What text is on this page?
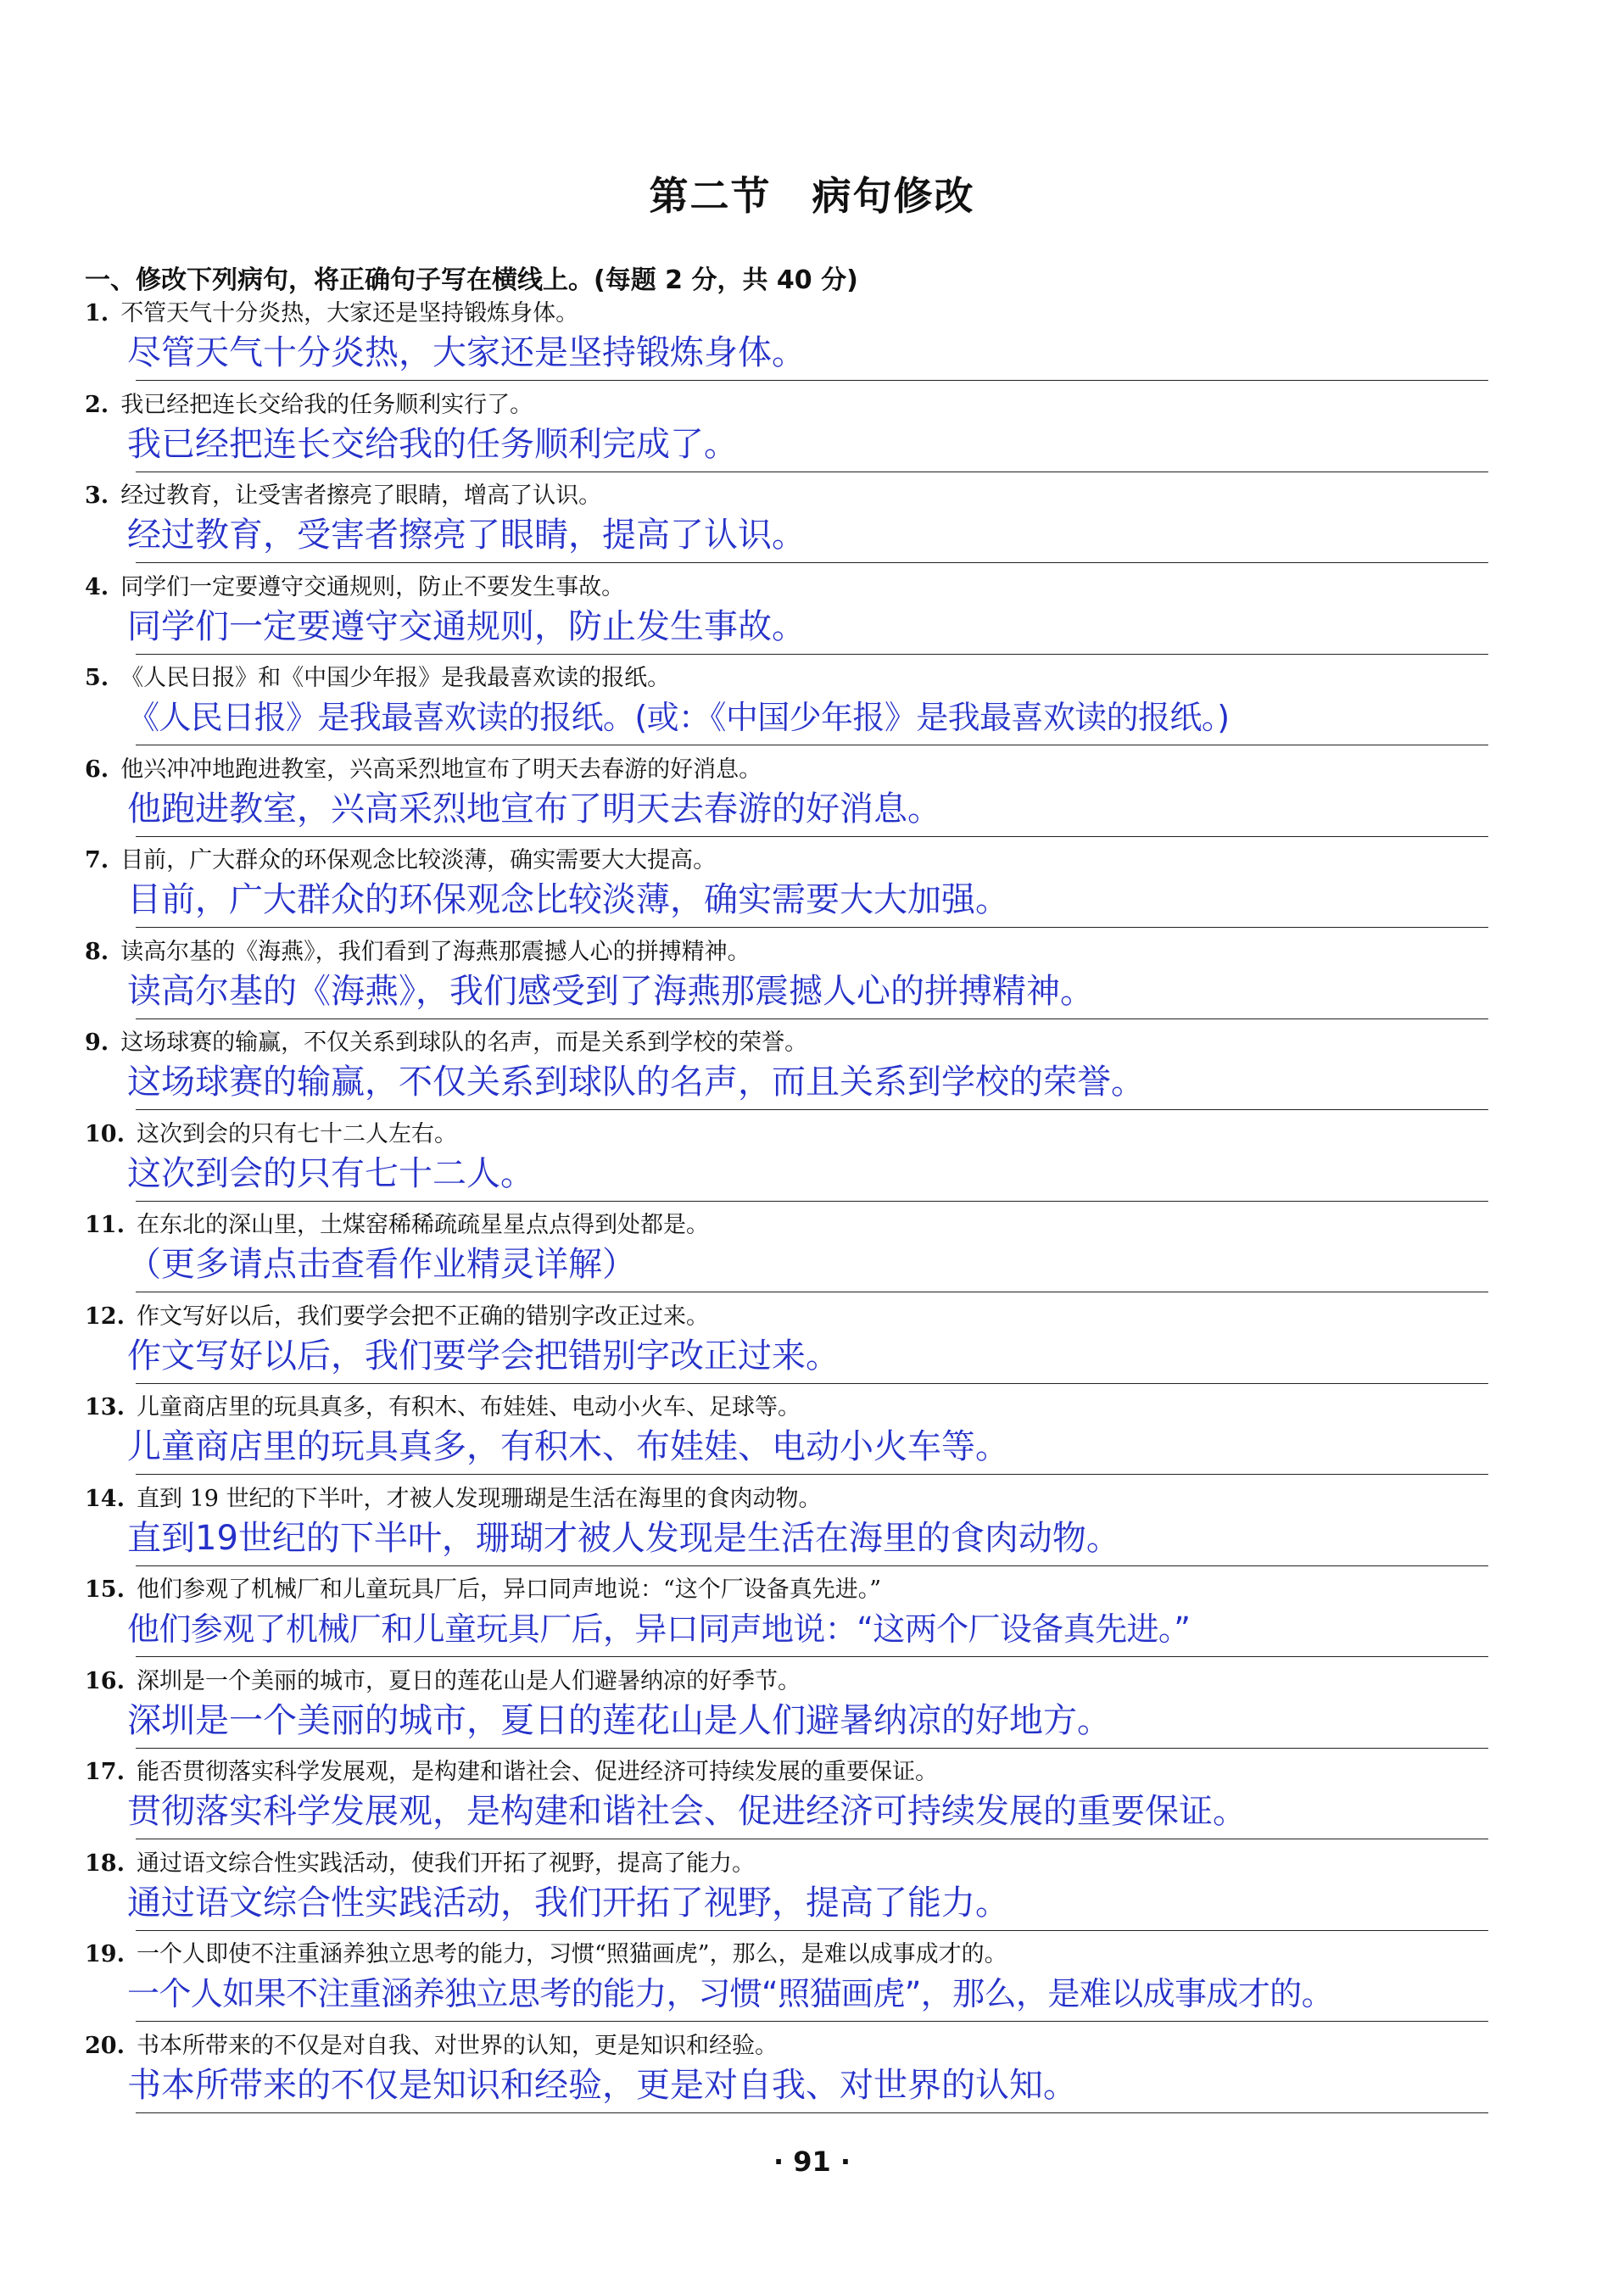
第二节　病句修改
一、修改下列病句，将正确句子写在横线上。(每题 2 分，共 40 分)
1. 不管天气十分炎热，大家还是坚持锻炼身体。
尽管天气十分炎热，大家还是坚持锻炼身体。
2. 我已经把连长交给我的任务顺利实行了。
我已经把连长交给我的任务顺利完成了。
3. 经过教育，让受害者擦亮了眼睛，增高了认识。
经过教育，受害者擦亮了眼睛，提高了认识。
4. 同学们一定要遵守交通规则，防止不要发生事故。
同学们一定要遵守交通规则，防止发生事故。
5. 《人民日报》和《中国少年报》是我最喜欢读的报纸。
《人民日报》是我最喜欢读的报纸。(或：《中国少年报》是我最喜欢读的报纸。)
6. 他兴冲冲地跑进教室，兴高采烈地宣布了明天去春游的好消息。
他跑进教室，兴高采烈地宣布了明天去春游的好消息。
7. 目前，广大群众的环保观念比较淡薄，确实需要大大提高。
目前，广大群众的环保观念比较淡薄，确实需要大大加强。
8. 读高尔基的《海燕》，我们看到了海燕那震撼人心的拼搏精神。
读高尔基的《海燕》，我们感受到了海燕那震撼人心的拼搏精神。
9. 这场球赛的输赢，不仅关系到球队的名声，而是关系到学校的荣誉。
这场球赛的输赢，不仅关系到球队的名声，而且关系到学校的荣誉。
10. 这次到会的只有七十二人左右。
这次到会的只有七十二人。
11. 在东北的深山里，土煤窑稀稀疏疏星星点点得到处都是。
（更多请点击查看作业精灵详解）
12. 作文写好以后，我们要学会把不正确的错别字改正过来。
作文写好以后，我们要学会把错别字改正过来。
13. 儿童商店里的玩具真多，有积木、布娃娃、电动小火车、足球等。
儿童商店里的玩具真多，有积木、布娃娃、电动小火车等。
14. 直到 19 世纪的下半叶，才被人发现珊瑚是生活在海里的食肉动物。
直到19世纪的下半叶，珊瑚才被人发现是生活在海里的食肉动物。
15. 他们参观了机械厂和儿童玩具厂后，异口同声地说：“这个厂设备真先进。”
他们参观了机械厂和儿童玩具厂后，异口同声地说：“这两个厂设备真先进。”
16. 深圳是一个美丽的城市，夏日的莲花山是人们避暑纳凉的好季节。
深圳是一个美丽的城市，夏日的莲花山是人们避暑纳凉的好地方。
17. 能否贯彻落实科学发展观，是构建和谐社会、促进经济可持续发展的重要保证。
贯彻落实科学发展观，是构建和谐社会、促进经济可持续发展的重要保证。
18. 通过语文综合性实践活动，使我们开拓了视野，提高了能力。
通过语文综合性实践活动，我们开拓了视野，提高了能力。
19. 一个人即使不注重涵养独立思考的能力，习惯“照猫画虎”，那么，是难以成事成才的。
一个人如果不注重涵养独立思考的能力，习惯“照猫画虎”，那么，是难以成事成才的。
20. 书本所带来的不仅是对自我、对世界的认知，更是知识和经验。
书本所带来的不仅是知识和经验，更是对自我、对世界的认知。
· 91 ·
